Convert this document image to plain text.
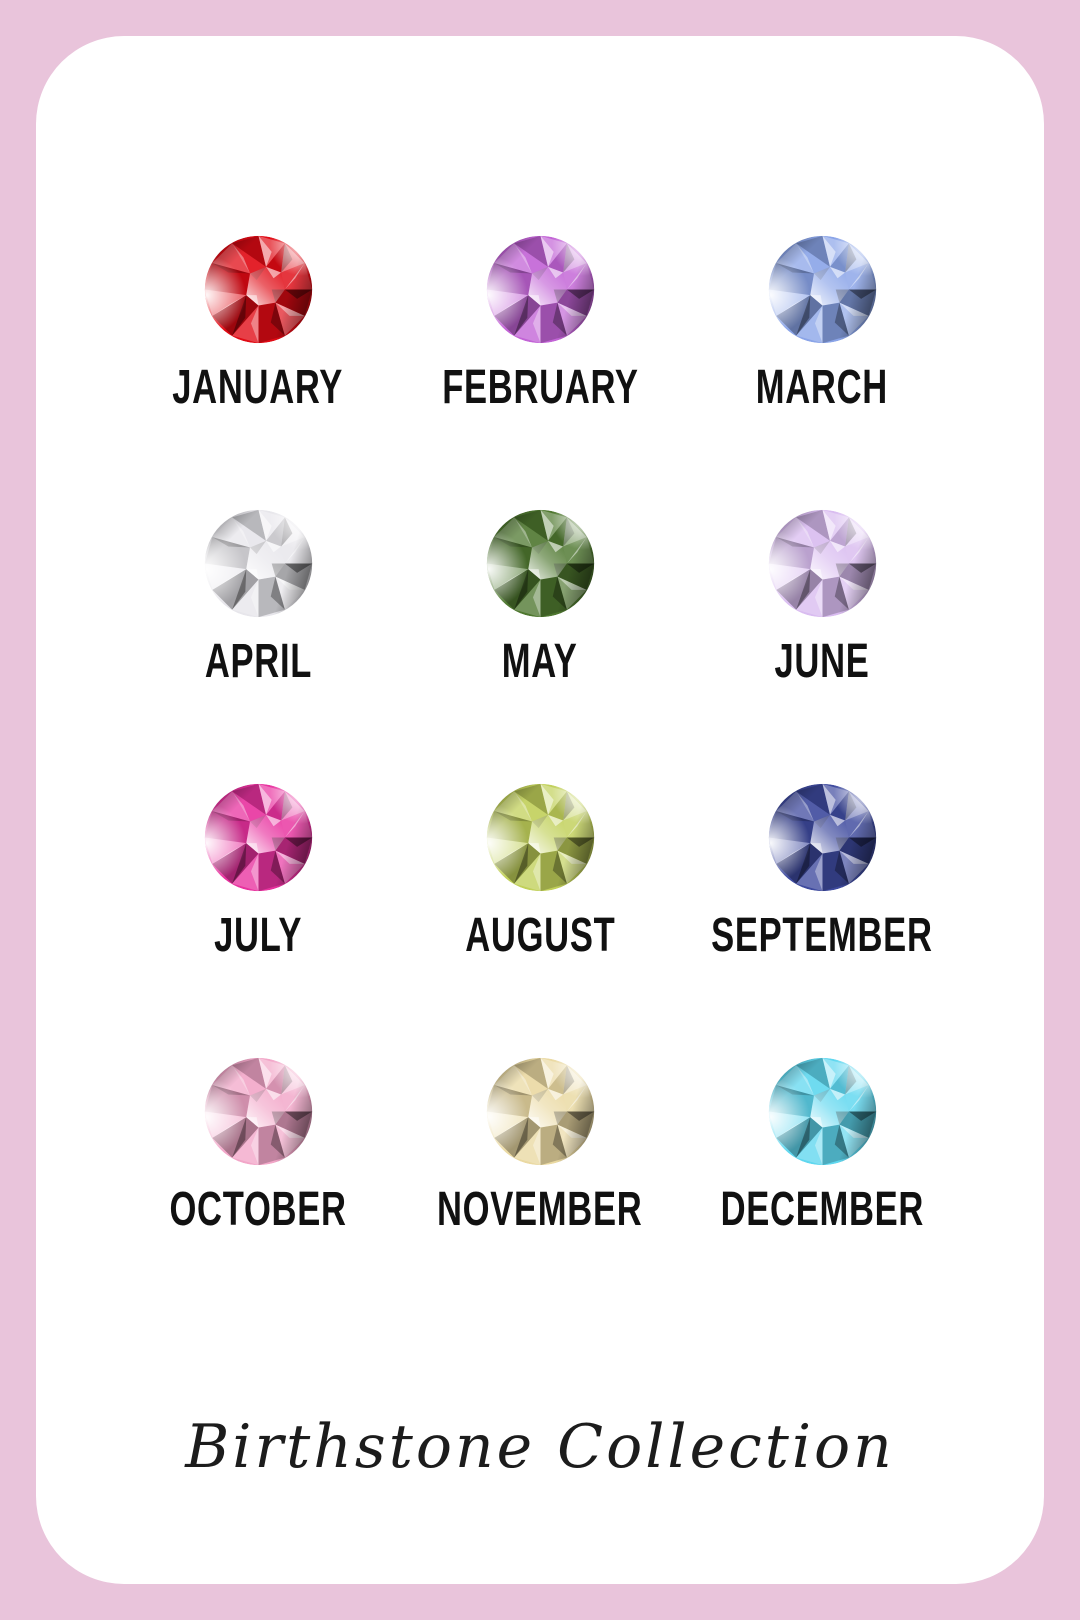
JANUARY FEBRUARY MARCH
APRIL	MAY	JUNE
JULY	AUGUST SEPTEMBER
OCTOBER NOVEMBER DECEMBER
Birthstone Collection
